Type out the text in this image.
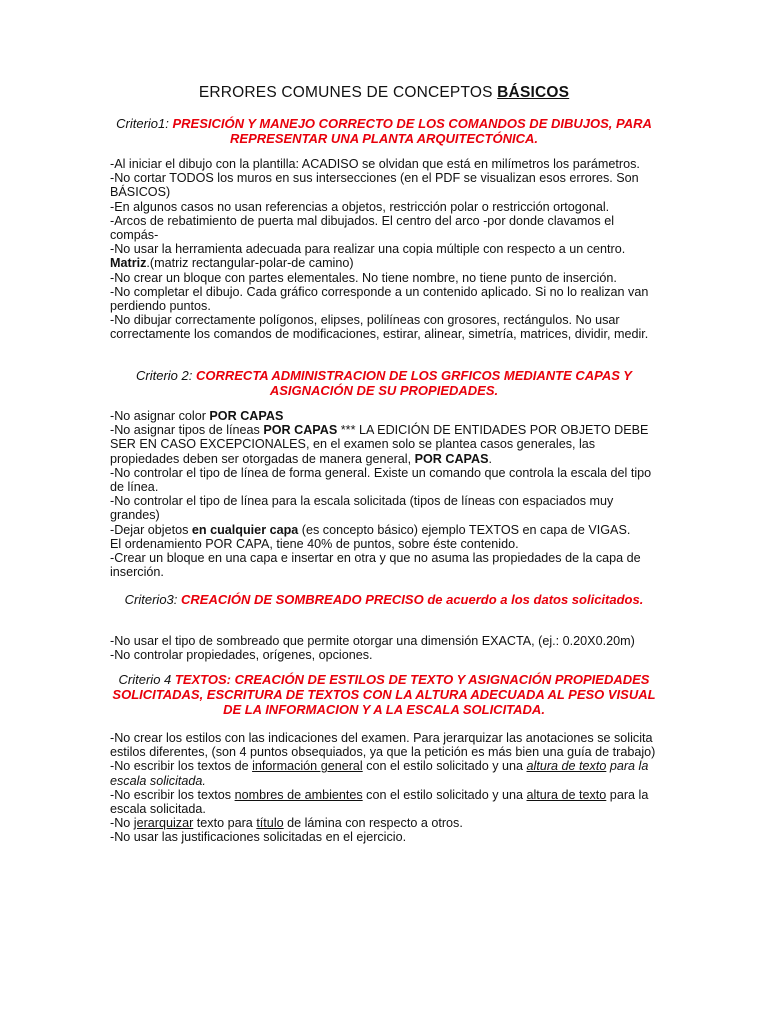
ERRORES COMUNES DE CONCEPTOS BÁSICOS
Criterio1: PRESICIÓN Y MANEJO CORRECTO DE LOS COMANDOS DE DIBUJOS, PARA REPRESENTAR UNA PLANTA ARQUITECTÓNICA.

-Al iniciar el dibujo con la plantilla: ACADISO se olvidan que está en milímetros los parámetros.

-No cortar TODOS los muros en sus intersecciones (en el PDF se visualizan esos errores. Son BÁSICOS)

-En algunos casos no usan referencias a objetos, restricción polar o restricción ortogonal.

-Arcos de rebatimiento de puerta mal dibujados. El centro del arco -por donde clavamos el compás-

-No usar la herramienta adecuada para realizar una copia múltiple con respecto a un centro.

Matriz.(matriz rectangular-polar-de camino)

-No crear un bloque con partes elementales. No tiene nombre, no tiene punto de inserción.

-No completar el dibujo. Cada gráfico corresponde a un contenido aplicado. Si no lo realizan van perdiendo puntos.

-No dibujar correctamente polígonos, elipses, polilíneas con grosores, rectángulos. No usar correctamente los comandos de modificaciones, estirar, alinear, simetría, matrices, dividir, medir.

Criterio 2: CORRECTA ADMINISTRACION DE LOS GRFICOS MEDIANTE CAPAS Y ASIGNACIÓN DE SU PROPIEDADES.

-No asignar color POR CAPAS

-No asignar tipos de líneas POR CAPAS *** LA EDICIÓN DE ENTIDADES POR OBJETO DEBE SER EN CASO EXCEPCIONALES, en el examen solo se plantea casos generales, las propiedades deben ser otorgadas de manera general, POR CAPAS.

-No controlar el tipo de línea de forma general. Existe un comando que controla la escala del tipo de línea.

-No controlar el tipo de línea para la escala solicitada (tipos de líneas con espaciados muy grandes)

-Dejar objetos en cualquier capa (es concepto básico) ejemplo TEXTOS en capa de VIGAS.

El ordenamiento POR CAPA, tiene 40% de puntos, sobre éste contenido.

-Crear un bloque en una capa e insertar en otra y que no asuma las propiedades de la capa de inserción.

Criterio3: CREACIÓN DE SOMBREADO PRECISO de acuerdo a los datos solicitados.

-No usar el tipo de sombreado que permite otorgar una dimensión EXACTA, (ej.: 0.20X0.20m)

-No controlar propiedades, orígenes, opciones.

Criterio 4 TEXTOS: CREACIÓN DE ESTILOS DE TEXTO Y ASIGNACIÓN PROPIEDADES SOLICITADAS, ESCRITURA DE TEXTOS CON LA ALTURA ADECUADA AL PESO VISUAL DE LA INFORMACION Y A LA ESCALA SOLICITADA.

-No crear los estilos con las indicaciones del examen. Para jerarquizar las anotaciones se solicita estilos diferentes, (son 4 puntos obsequiados, ya que la petición es más bien una guía de trabajo)

-No escribir los textos de información general con el estilo solicitado y una altura de texto para la escala solicitada.

-No escribir los textos nombres de ambientes con el estilo solicitado y una altura de texto para la escala solicitada.

-No jerarquizar texto para título de lámina con respecto a otros.

-No usar las justificaciones solicitadas en el ejercicio.
